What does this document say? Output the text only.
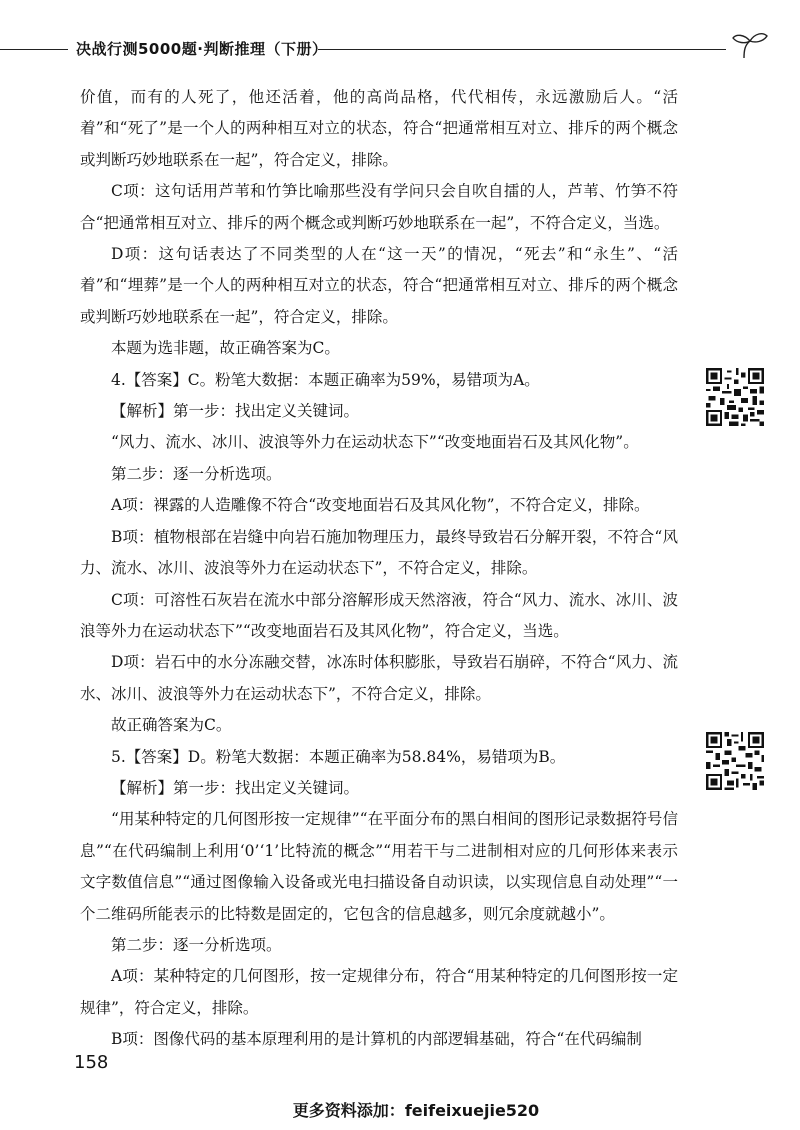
决战行测5000题·判断推理（下册）

价值，而有的人死了，他还活着，他的高尚品格，代代相传，永远激励后人。“活着”和“死了”是一个人的两种相互对立的状态，符合“把通常相互对立、排斥的两个概念或判断巧妙地联系在一起”，符合定义，排除。

C项：这句话用芦苇和竹笋比喻那些没有学问只会自吹自擂的人，芦苇、竹笋不符合“把通常相互对立、排斥的两个概念或判断巧妙地联系在一起”，不符合定义，当选。

D项：这句话表达了不同类型的人在“这一天”的情况，“死去”和“永生”、“活着”和“埋葬”是一个人的两种相互对立的状态，符合“把通常相互对立、排斥的两个概念或判断巧妙地联系在一起”，符合定义，排除。

本题为选非题，故正确答案为C。

4.【答案】C。粉笔大数据：本题正确率为59%，易错项为A。

【解析】第一步：找出定义关键词。

“风力、流水、冰川、波浪等外力在运动状态下”“改变地面岩石及其风化物”。

第二步：逐一分析选项。

A项：裸露的人造雕像不符合“改变地面岩石及其风化物”，不符合定义，排除。

B项：植物根部在岩缝中向岩石施加物理压力，最终导致岩石分解开裂，不符合“风力、流水、冰川、波浪等外力在运动状态下”，不符合定义，排除。

C项：可溶性石灰岩在流水中部分溶解形成天然溶液，符合“风力、流水、冰川、波浪等外力在运动状态下”“改变地面岩石及其风化物”，符合定义，当选。

D项：岩石中的水分冻融交替，冰冻时体积膨胀，导致岩石崩碎，不符合“风力、流水、冰川、波浪等外力在运动状态下”，不符合定义，排除。

故正确答案为C。

5.【答案】D。粉笔大数据：本题正确率为58.84%，易错项为B。

【解析】第一步：找出定义关键词。

“用某种特定的几何图形按一定规律”“在平面分布的黑白相间的图形记录数据符号信息”“在代码编制上利用‘0’‘1’比特流的概念”“用若干与二进制相对应的几何形体来表示文字数值信息”“通过图像输入设备或光电扫描设备自动识读，以实现信息自动处理”“一个二维码所能表示的比特数是固定的，它包含的信息越多，则冗余度就越小”。

第二步：逐一分析选项。

A项：某种特定的几何图形，按一定规律分布，符合“用某种特定的几何图形按一定规律”，符合定义，排除。

B项：图像代码的基本原理利用的是计算机的内部逻辑基础，符合“在代码编制

158
更多资料添加：feifeixuejie520
